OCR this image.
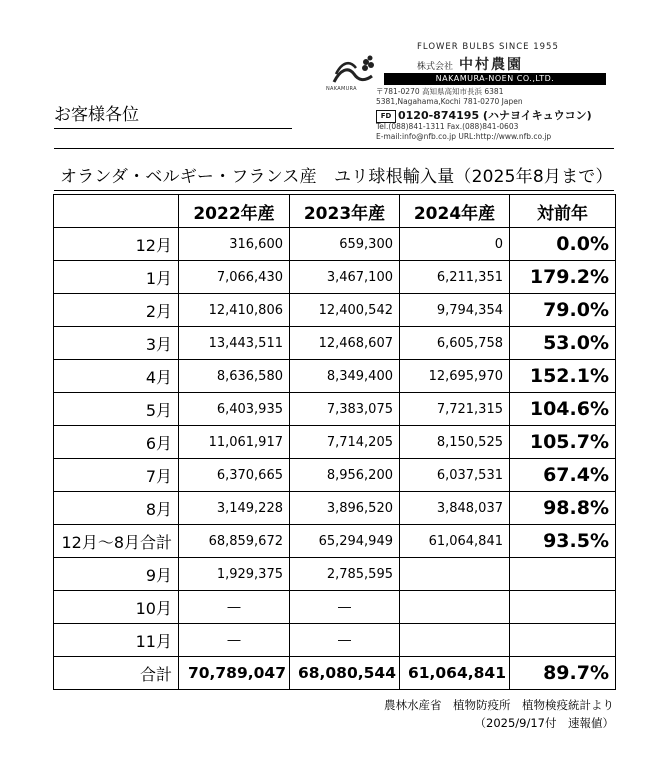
お客様各位
NAKAMURA
FLOWER BULBS SINCE 1955
株式会社 中村農園
NAKAMURA-NOEN CO.,LTD.
〒781-0270 高知県高知市長浜 6381
5381,Nagahama,Kochi 781-0270 Japen
FD 0120-874195 (ハナヨイキュウコン)
Tel.(088)841-1311 Fax.(088)841-0603
E-mail:info@nfb.co.jp URL:http://www.nfb.co.jp
オランダ・ベルギー・フランス産　ユリ球根輸入量（2025年8月まで）
	2022年産	2023年産	2024年産	対前年
12月	316,600	659,300	0	0.0%
1月	7,066,430	3,467,100	6,211,351	179.2%
2月	12,410,806	12,400,542	9,794,354	79.0%
3月	13,443,511	12,468,607	6,605,758	53.0%
4月	8,636,580	8,349,400	12,695,970	152.1%
5月	6,403,935	7,383,075	7,721,315	104.6%
6月	11,061,917	7,714,205	8,150,525	105.7%
7月	6,370,665	8,956,200	6,037,531	67.4%
8月	3,149,228	3,896,520	3,848,037	98.8%
12月～8月合計	68,859,672	65,294,949	61,064,841	93.5%
9月	1,929,375	2,785,595		
10月	―	―		
11月	―	―		
合計	70,789,047	68,080,544	61,064,841	89.7%
農林水産省　植物防疫所　植物検疫統計より
（2025/9/17付　速報値）
